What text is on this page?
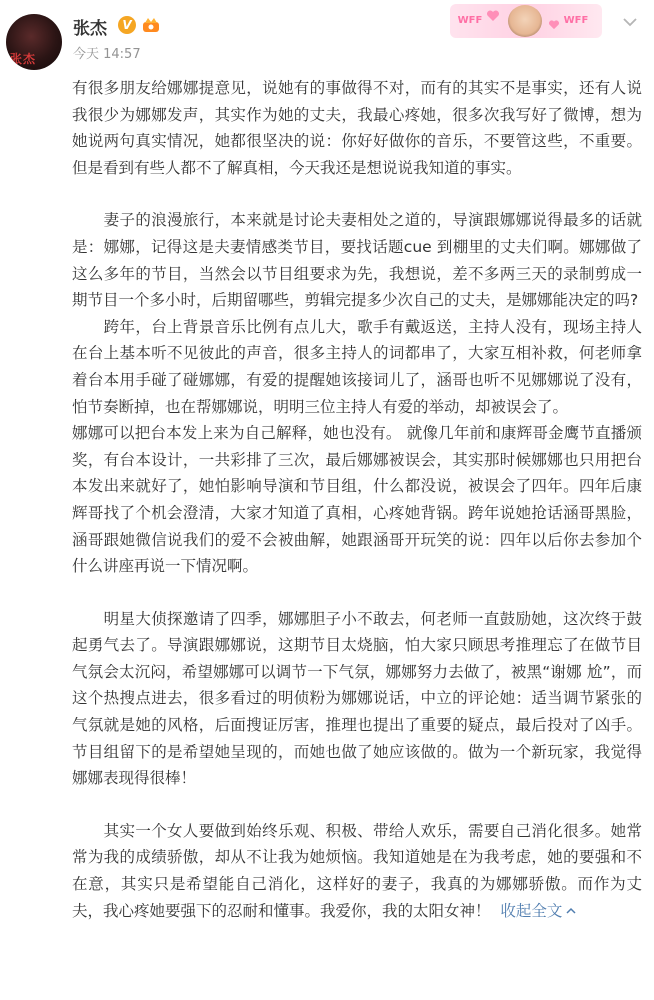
张杰
张杰	V
今天 14:57
WFF	WFF

有很多朋友给娜娜提意见，说她有的事做得不对，而有的其实不是事实，还有人说我很少为娜娜发声，其实作为她的丈夫，我最心疼她，很多次我写好了微博，想为她说两句真实情况，她都很坚决的说：你好好做你的音乐，不要管这些，不重要。但是看到有些人都不了解真相，今天我还是想说说我知道的事实。

　　妻子的浪漫旅行，本来就是讨论夫妻相处之道的，导演跟娜娜说得最多的话就是：娜娜，记得这是夫妻情感类节目，要找话题cue 到棚里的丈夫们啊。娜娜做了这么多年的节目，当然会以节目组要求为先，我想说，差不多两三天的录制剪成一期节目一个多小时，后期留哪些，剪辑完提多少次自己的丈夫，是娜娜能决定的吗?

　　跨年，台上背景音乐比例有点儿大，歌手有戴返送，主持人没有，现场主持人在台上基本听不见彼此的声音，很多主持人的词都串了，大家互相补救，何老师拿着台本用手碰了碰娜娜，有爱的提醒她该接词儿了，涵哥也听不见娜娜说了没有，怕节奏断掉，也在帮娜娜说，明明三位主持人有爱的举动，却被误会了。

娜娜可以把台本发上来为自己解释，她也没有。 就像几年前和康辉哥金鹰节直播颁奖，有台本设计，一共彩排了三次，最后娜娜被误会，其实那时候娜娜也只用把台本发出来就好了，她怕影响导演和节目组，什么都没说，被误会了四年。四年后康辉哥找了个机会澄清，大家才知道了真相，心疼她背锅。跨年说她抢话涵哥黑脸，涵哥跟她微信说我们的爱不会被曲解，她跟涵哥开玩笑的说：四年以后你去参加个什么讲座再说一下情况啊。

　　明星大侦探邀请了四季，娜娜胆子小不敢去，何老师一直鼓励她，这次终于鼓起勇气去了。导演跟娜娜说，这期节目太烧脑，怕大家只顾思考推理忘了在做节目气氛会太沉闷，希望娜娜可以调节一下气氛，娜娜努力去做了，被黑“谢娜 尬”，而这个热搜点进去，很多看过的明侦粉为娜娜说话，中立的评论她：适当调节紧张的气氛就是她的风格，后面搜证厉害，推理也提出了重要的疑点，最后投对了凶手。节目组留下的是希望她呈现的，而她也做了她应该做的。做为一个新玩家，我觉得娜娜表现得很棒！

　　其实一个女人要做到始终乐观、积极、带给人欢乐，需要自己消化很多。她常常为我的成绩骄傲，却从不让我为她烦恼。我知道她是在为我考虑，她的要强和不在意，其实只是希望能自己消化，这样好的妻子，我真的为娜娜骄傲。而作为丈夫，我心疼她要强下的忍耐和懂事。我爱你，我的太阳女神！ 收起全文
